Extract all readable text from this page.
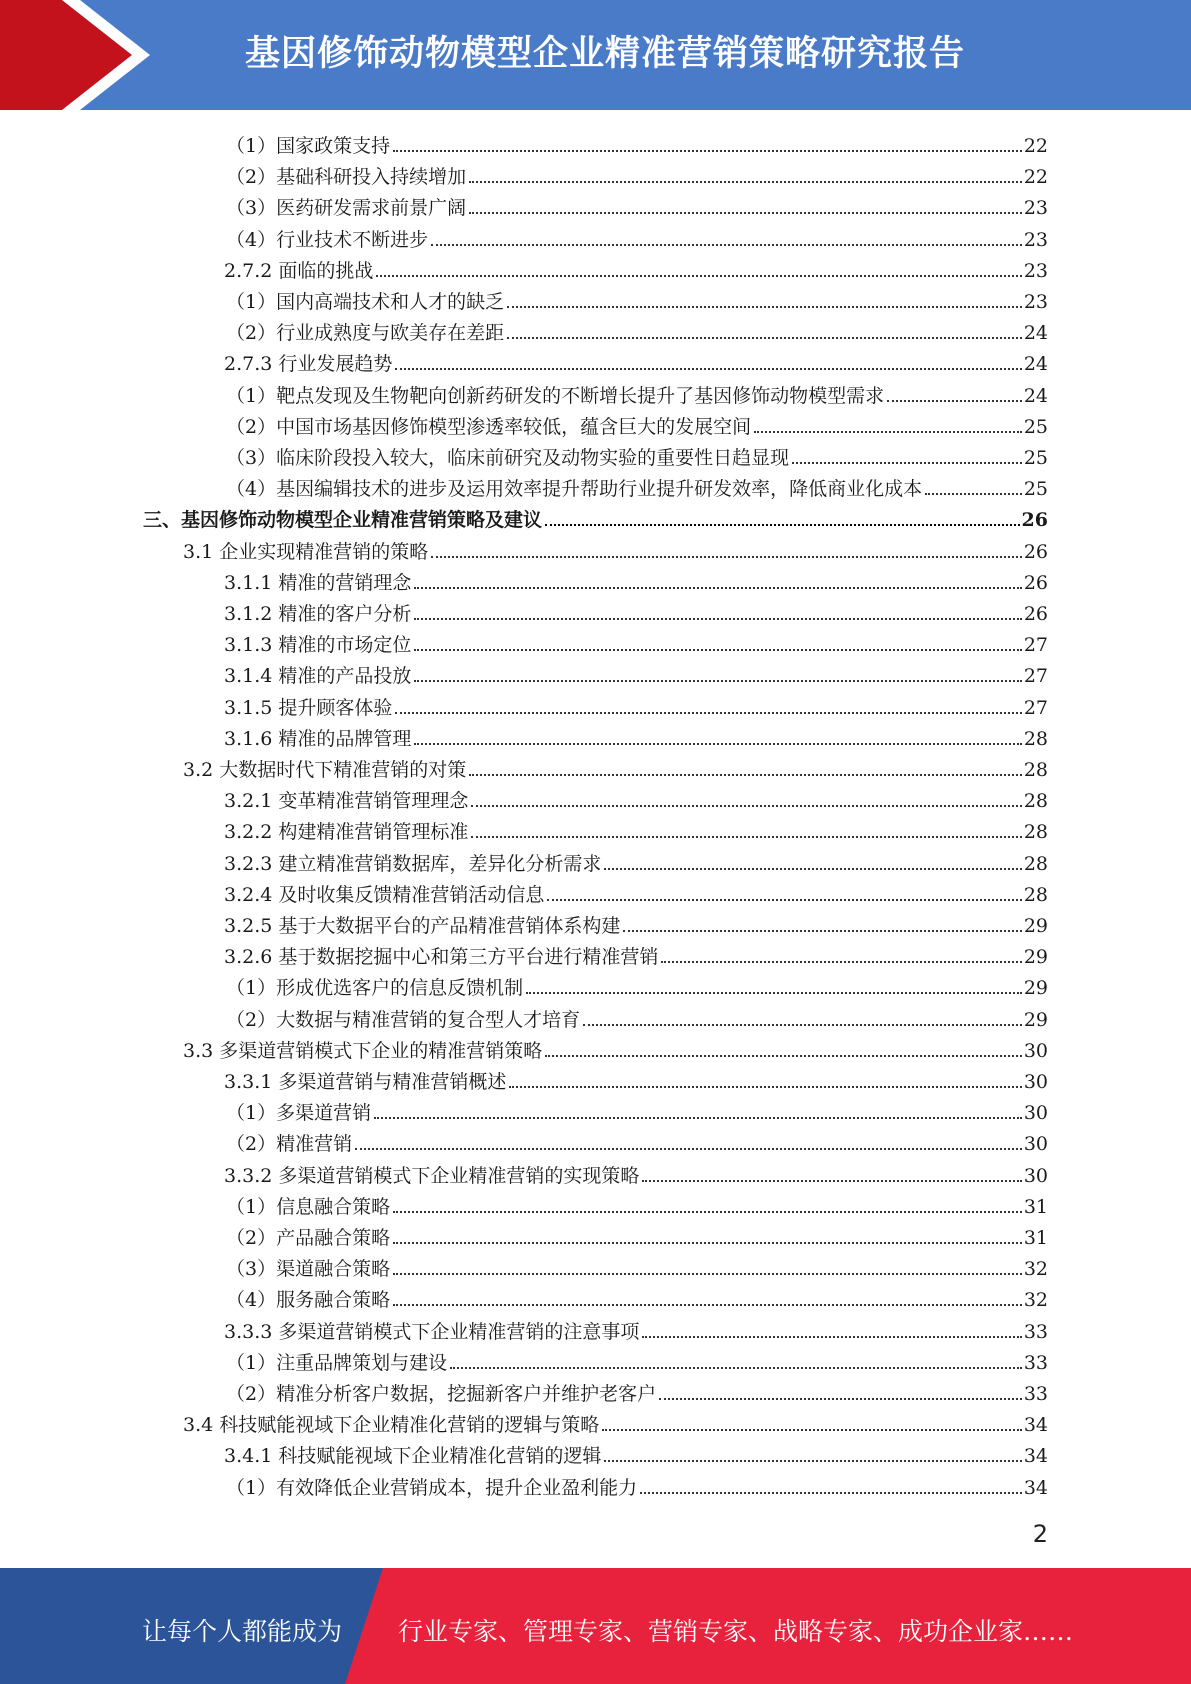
基因修饰动物模型企业精准营销策略研究报告
（1）国家政策支持	22
（2）基础科研投入持续增加	22
（3）医药研发需求前景广阔	23
（4）行业技术不断进步	23
2.7.2 面临的挑战	23
（1）国内高端技术和人才的缺乏	23
（2）行业成熟度与欧美存在差距	24
2.7.3 行业发展趋势	24
（1）靶点发现及生物靶向创新药研发的不断增长提升了基因修饰动物模型需求	24
（2）中国市场基因修饰模型渗透率较低，蕴含巨大的发展空间	25
（3）临床阶段投入较大，临床前研究及动物实验的重要性日趋显现	25
（4）基因编辑技术的进步及运用效率提升帮助行业提升研发效率，降低商业化成本	25
三、基因修饰动物模型企业精准营销策略及建议	26
3.1 企业实现精准营销的策略	26
3.1.1 精准的营销理念	26
3.1.2 精准的客户分析	26
3.1.3 精准的市场定位	27
3.1.4 精准的产品投放	27
3.1.5 提升顾客体验	27
3.1.6 精准的品牌管理	28
3.2 大数据时代下精准营销的对策	28
3.2.1 变革精准营销管理理念	28
3.2.2 构建精准营销管理标准	28
3.2.3 建立精准营销数据库，差异化分析需求	28
3.2.4 及时收集反馈精准营销活动信息	28
3.2.5 基于大数据平台的产品精准营销体系构建	29
3.2.6 基于数据挖掘中心和第三方平台进行精准营销	29
（1）形成优选客户的信息反馈机制	29
（2）大数据与精准营销的复合型人才培育	29
3.3 多渠道营销模式下企业的精准营销策略	30
3.3.1 多渠道营销与精准营销概述	30
（1）多渠道营销	30
（2）精准营销	30
3.3.2 多渠道营销模式下企业精准营销的实现策略	30
（1）信息融合策略	31
（2）产品融合策略	31
（3）渠道融合策略	32
（4）服务融合策略	32
3.3.3 多渠道营销模式下企业精准营销的注意事项	33
（1）注重品牌策划与建设	33
（2）精准分析客户数据，挖掘新客户并维护老客户	33
3.4 科技赋能视域下企业精准化营销的逻辑与策略	34
3.4.1 科技赋能视域下企业精准化营销的逻辑	34
（1）有效降低企业营销成本，提升企业盈利能力	34
2
让每个人都能成为 行业专家、管理专家、营销专家、战略专家、成功企业家……
